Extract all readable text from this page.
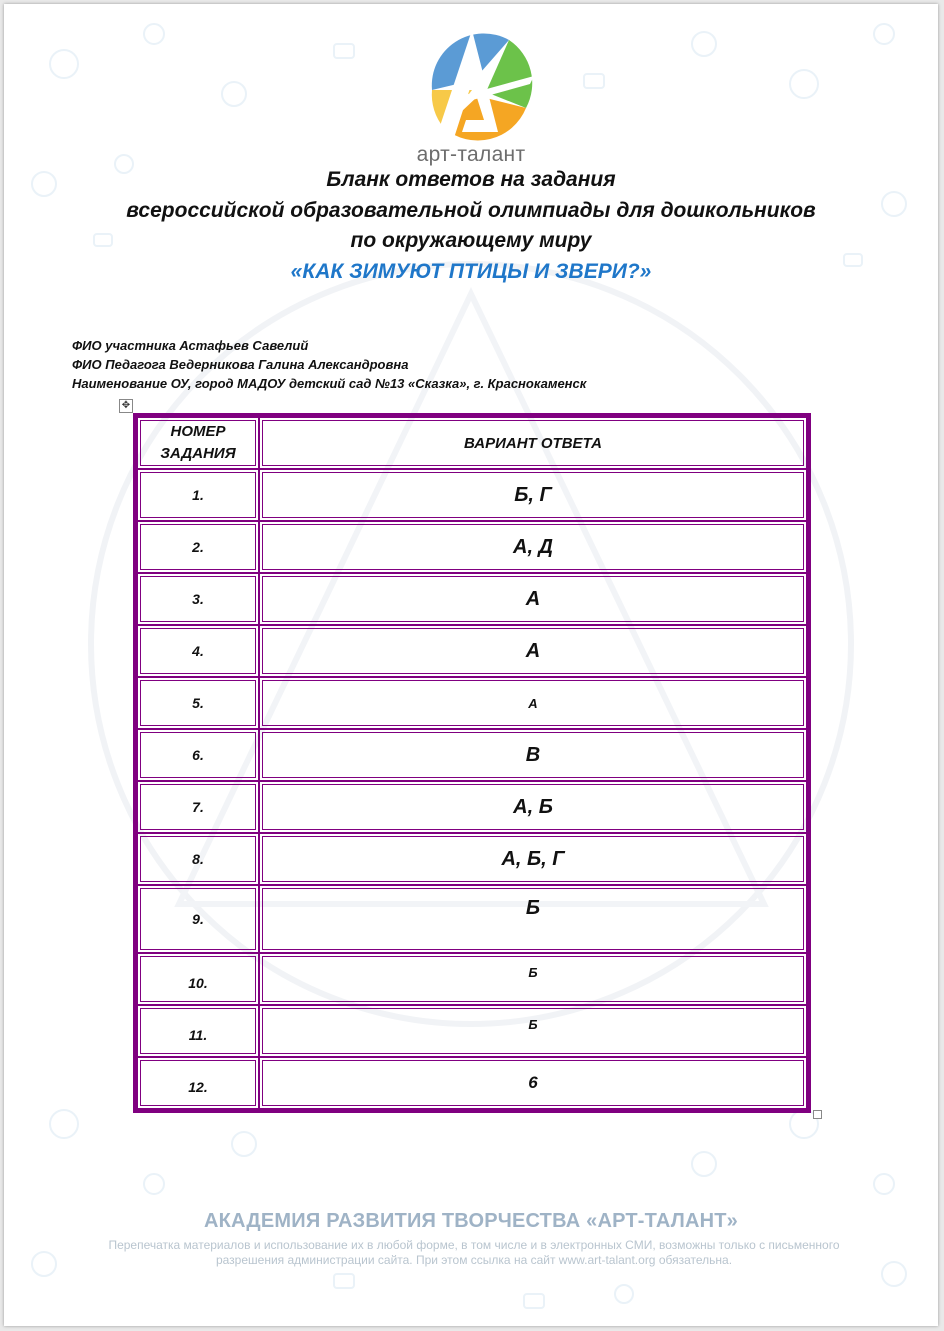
арт-талант
Бланк ответов на задания
всероссийской образовательной олимпиады для дошкольников
по окружающему миру
«КАК ЗИМУЮТ ПТИЦЫ И ЗВЕРИ?»
ФИО участника Астафьев Савелий
ФИО Педагога Ведерникова Галина Александровна
Наименование ОУ, город МАДОУ детский сад №13 «Сказка», г. Краснокаменск
✥
НОМЕР ЗАДАНИЯ	ВАРИАНТ ОТВЕТА
1.	Б, Г
2.	А, Д
3.	А
4.	А
5.	А
6.	В
7.	А, Б
8.	А, Б, Г
9.	Б
10.	Б
11.	Б
12.	6
АКАДЕМИЯ РАЗВИТИЯ ТВОРЧЕСТВА «АРТ-ТАЛАНТ»
Перепечатка материалов и использование их в любой форме, в том числе и в электронных СМИ, возможны только с письменного разрешения администрации сайта. При этом ссылка на сайт www.art-talant.org обязательна.
